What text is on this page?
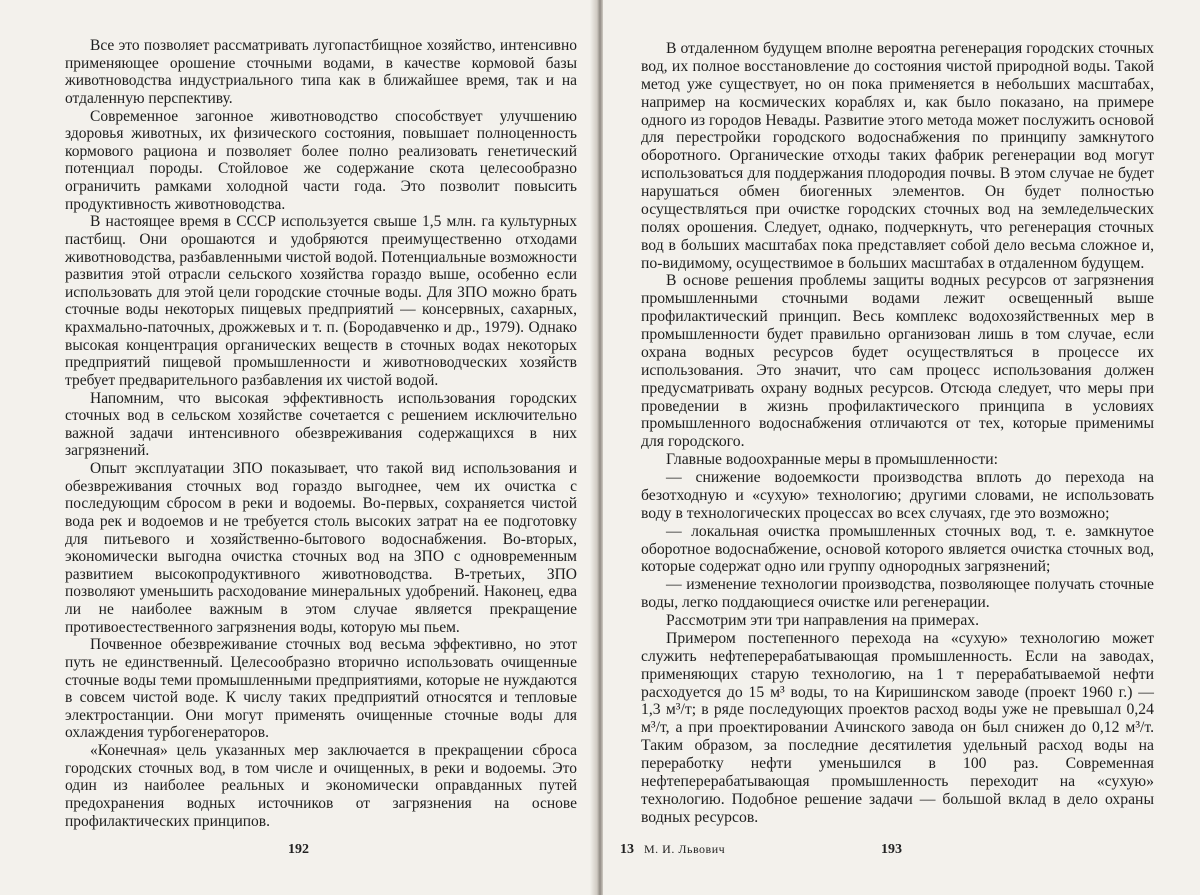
Все это позволяет рассматривать лугопастбищное хозяйство, интенсивно применяющее орошение сточными водами, в качестве кормовой базы животноводства индустриального типа как в ближайшее время, так и на отдаленную перспективу.

Современное загонное животноводство способствует улучшению здоровья животных, их физического состояния, повышает полноценность кормового рациона и позволяет более полно реализовать генетический потенциал породы. Стойловое же содержание скота целесообразно ограничить рамками холодной части года. Это позволит повысить продуктивность животноводства.

В настоящее время в СССР используется свыше 1,5 млн. га культурных пастбищ. Они орошаются и удобряются преимущественно отходами животноводства, разбавленными чистой водой. Потенциальные возможности развития этой отрасли сельского хозяйства гораздо выше, особенно если использовать для этой цели городские сточные воды. Для ЗПО можно брать сточные воды некоторых пищевых предприятий — консервных, сахарных, крахмально-паточных, дрожжевых и т. п. (Бородавченко и др., 1979). Однако высокая концентрация органических веществ в сточных водах некоторых предприятий пищевой промышленности и животноводческих хозяйств требует предварительного разбавления их чистой водой.

Напомним, что высокая эффективность использования городских сточных вод в сельском хозяйстве сочетается с решением исключительно важной задачи интенсивного обезвреживания содержащихся в них загрязнений.

Опыт эксплуатации ЗПО показывает, что такой вид использования и обезвреживания сточных вод гораздо выгоднее, чем их очистка с последующим сбросом в реки и водоемы. Во-первых, сохраняется чистой вода рек и водоемов и не требуется столь высоких затрат на ее подготовку для питьевого и хозяйственно-бытового водоснабжения. Во-вторых, экономически выгодна очистка сточных вод на ЗПО с одновременным развитием высокопродуктивного животноводства. В-третьих, ЗПО позволяют уменьшить расходование минеральных удобрений. Наконец, едва ли не наиболее важным в этом случае является прекращение противоестественного загрязнения воды, которую мы пьем.

Почвенное обезвреживание сточных вод весьма эффективно, но этот путь не единственный. Целесообразно вторично использовать очищенные сточные воды теми промышленными предприятиями, которые не нуждаются в совсем чистой воде. К числу таких предприятий относятся и тепловые электростанции. Они могут применять очищенные сточные воды для охлаждения турбогенераторов.

«Конечная» цель указанных мер заключается в прекращении сброса городских сточных вод, в том числе и очищенных, в реки и водоемы. Это один из наиболее реальных и экономически оправданных путей предохранения водных источников от загрязнения на основе профилактических принципов.

192

В отдаленном будущем вполне вероятна регенерация городских сточных вод, их полное восстановление до состояния чистой природной воды. Такой метод уже существует, но он пока применяется в небольших масштабах, например на космических кораблях и, как было показано, на примере одного из городов Невады. Развитие этого метода может послужить основой для перестройки городского водоснабжения по принципу замкнутого оборотного. Органические отходы таких фабрик регенерации вод могут использоваться для поддержания плодородия почвы. В этом случае не будет нарушаться обмен биогенных элементов. Он будет полностью осуществляться при очистке городских сточных вод на земледельческих полях орошения. Следует, однако, подчеркнуть, что регенерация сточных вод в больших масштабах пока представляет собой дело весьма сложное и, по-видимому, осуществимое в больших масштабах в отдаленном будущем.

В основе решения проблемы защиты водных ресурсов от загрязнения промышленными сточными водами лежит освещенный выше профилактический принцип. Весь комплекс водохозяйственных мер в промышленности будет правильно организован лишь в том случае, если охрана водных ресурсов будет осуществляться в процессе их использования. Это значит, что сам процесс использования должен предусматривать охрану водных ресурсов. Отсюда следует, что меры при проведении в жизнь профилактического принципа в условиях промышленного водоснабжения отличаются от тех, которые применимы для городского.

Главные водоохранные меры в промышленности:

— снижение водоемкости производства вплоть до перехода на безотходную и «сухую» технологию; другими словами, не использовать воду в технологических процессах во всех случаях, где это возможно;

— локальная очистка промышленных сточных вод, т. е. замкнутое оборотное водоснабжение, основой которого является очистка сточных вод, которые содержат одно или группу однородных загрязнений;

— изменение технологии производства, позволяющее получать сточные воды, легко поддающиеся очистке или регенерации.

Рассмотрим эти три направления на примерах.

Примером постепенного перехода на «сухую» технологию может служить нефтеперерабатывающая промышленность. Если на заводах, применяющих старую технологию, на 1 т перерабатываемой нефти расходуется до 15 м³ воды, то на Киришинском заводе (проект 1960 г.) — 1,3 м³/т; в ряде последующих проектов расход воды уже не превышал 0,24 м³/т, а при проектировании Ачинского завода он был снижен до 0,12 м³/т. Таким образом, за последние десятилетия удельный расход воды на переработку нефти уменьшился в 100 раз. Современная нефтеперерабатывающая промышленность переходит на «сухую» технологию. Подобное решение задачи — большой вклад в дело охраны водных ресурсов.

13 М. И. Львович	193
